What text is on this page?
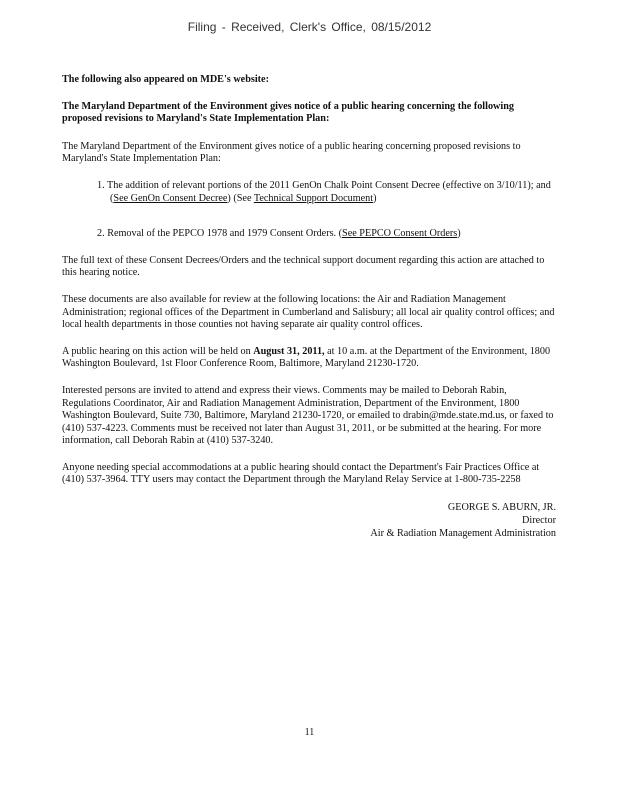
Filing - Received, Clerk's Office, 08/15/2012

The following also appeared on MDE's website:

The Maryland Department of the Environment gives notice of a public hearing concerning the following proposed revisions to Maryland's State Implementation Plan:

The Maryland Department of the Environment gives notice of a public hearing concerning proposed revisions to Maryland's State Implementation Plan:

1. The addition of relevant portions of the 2011 GenOn Chalk Point Consent Decree (effective on 3/10/11); and (See GenOn Consent Decree) (See Technical Support Document)
2. Removal of the PEPCO 1978 and 1979 Consent Orders. (See PEPCO Consent Orders)

The full text of these Consent Decrees/Orders and the technical support document regarding this action are attached to this hearing notice.

These documents are also available for review at the following locations: the Air and Radiation Management Administration; regional offices of the Department in Cumberland and Salisbury; all local air quality control offices; and local health departments in those counties not having separate air quality control offices.

A public hearing on this action will be held on August 31, 2011, at 10 a.m. at the Department of the Environment, 1800 Washington Boulevard, 1st Floor Conference Room, Baltimore, Maryland 21230-1720.

Interested persons are invited to attend and express their views. Comments may be mailed to Deborah Rabin, Regulations Coordinator, Air and Radiation Management Administration, Department of the Environment, 1800 Washington Boulevard, Suite 730, Baltimore, Maryland 21230-1720, or emailed to drabin@mde.state.md.us, or faxed to (410) 537-4223. Comments must be received not later than August 31, 2011, or be submitted at the hearing. For more information, call Deborah Rabin at (410) 537-3240.

Anyone needing special accommodations at a public hearing should contact the Department's Fair Practices Office at (410) 537-3964. TTY users may contact the Department through the Maryland Relay Service at 1-800-735-2258

GEORGE S. ABURN, JR.
Director
Air & Radiation Management Administration
11
